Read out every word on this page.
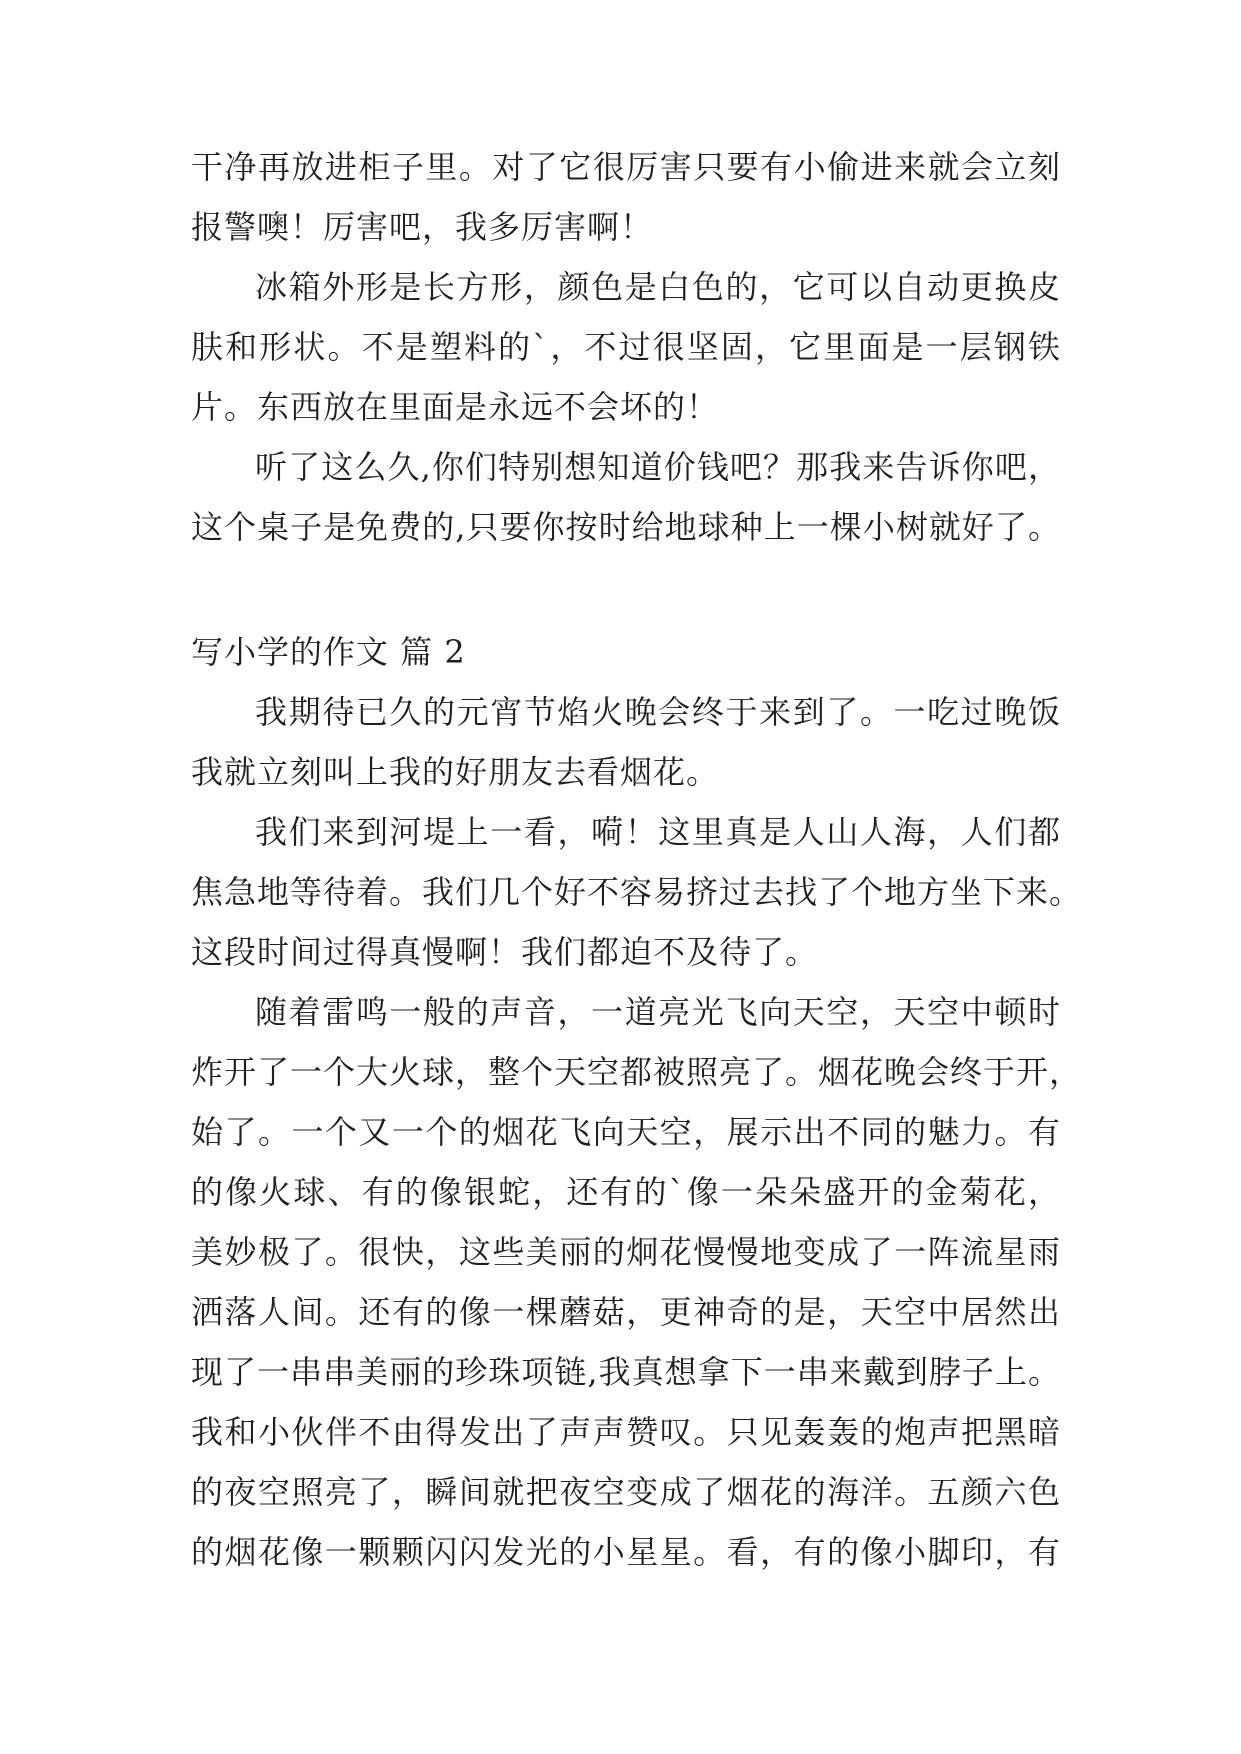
干净再放进柜子里。对了它很厉害只要有小偷进来就会立刻
报警噢！厉害吧，我多厉害啊！
冰箱外形是长方形，颜色是白色的，它可以自动更换皮
肤和形状。不是塑料的`，不过很坚固，它里面是一层钢铁
片。东西放在里面是永远不会坏的！
听了这么久,你们特别想知道价钱吧？那我来告诉你吧，
这个桌子是免费的,只要你按时给地球种上一棵小树就好了。
写小学的作文 篇 2
我期待已久的元宵节焰火晚会终于来到了。一吃过晚饭
我就立刻叫上我的好朋友去看烟花。
我们来到河堤上一看，嗬！这里真是人山人海，人们都
焦急地等待着。我们几个好不容易挤过去找了个地方坐下来。
这段时间过得真慢啊！我们都迫不及待了。
随着雷鸣一般的声音，一道亮光飞向天空，天空中顿时
炸开了一个大火球，整个天空都被照亮了。烟花晚会终于开，
始了。一个又一个的烟花飞向天空，展示出不同的魅力。有
的像火球、有的像银蛇，还有的`像一朵朵盛开的金菊花，
美妙极了。很快，这些美丽的炯花慢慢地变成了一阵流星雨
洒落人间。还有的像一棵蘑菇，更神奇的是，天空中居然出
现了一串串美丽的珍珠项链,我真想拿下一串来戴到脖子上。
我和小伙伴不由得发出了声声赞叹。只见轰轰的炮声把黑暗
的夜空照亮了，瞬间就把夜空变成了烟花的海洋。五颜六色
的烟花像一颗颗闪闪发光的小星星。看，有的像小脚印，有
